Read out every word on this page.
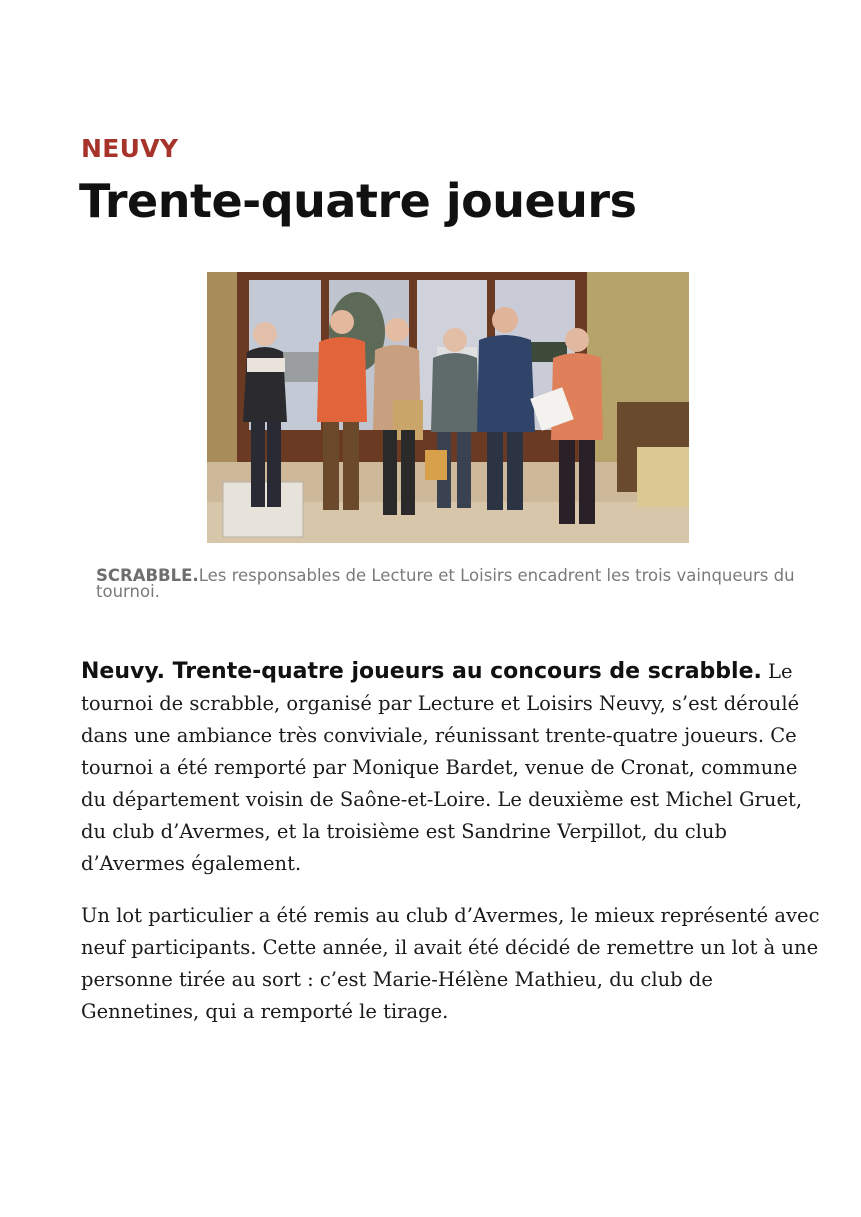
NEUVY
Trente-quatre joueurs
SCRABBLE.Les responsables de Lecture et Loisirs encadrent les trois vainqueurs du tournoi.

Neuvy. Trente-quatre joueurs au concours de scrabble. Le tournoi de scrabble, organisé par Lecture et Loisirs Neuvy, s’est déroulé dans une ambiance très conviviale, réunissant trente-quatre joueurs. Ce tournoi a été remporté par Monique Bardet, venue de Cronat, commune du département voisin de Saône-et-Loire. Le deuxième est Michel Gruet, du club d’Avermes, et la troisième est Sandrine Verpillot, du club d’Avermes également.

Un lot particulier a été remis au club d’Avermes, le mieux représenté avec neuf participants. Cette année, il avait été décidé de remettre un lot à une personne tirée au sort : c’est Marie-Hélène Mathieu, du club de Gennetines, qui a remporté le tirage.
